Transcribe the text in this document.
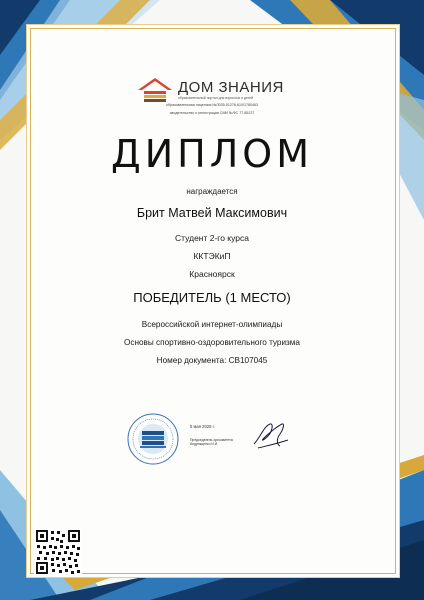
ДОМ ЗНАНИЯ
образовательный портал для взрослых и детей
образовательная лицензия №Л035-01276-61/01780463
свидетельство о регистрации СМИ №ФС 77-85137
ДИПЛОМ
награждается
Брит Матвей Максимович
Студент 2-го курса
ККТЭКиП
Красноярск
ПОБЕДИТЕЛЬ (1 МЕСТО)
Всероссийской интернет-олимпиады
Основы спортивно-оздоровительного туризма
Номер документа: CB107045
5 мая 2025 г.
Председатель оргкомитета
Андрющенко И.И.
